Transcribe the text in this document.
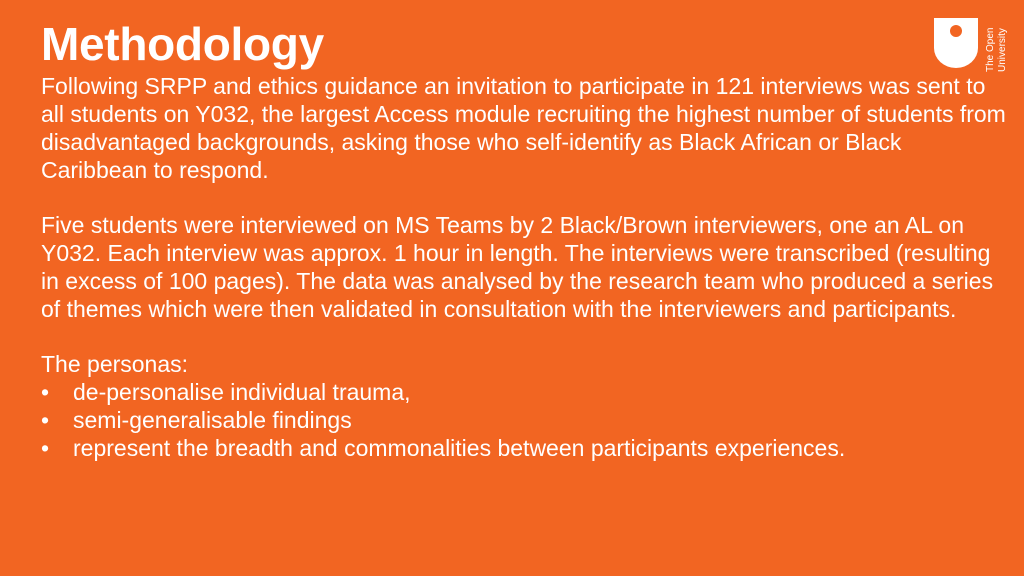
Methodology

Following SRPP and ethics guidance an invitation to participate in 121 interviews was sent to all students on Y032, the largest Access module recruiting the highest number of students from disadvantaged backgrounds, asking those who self-identify as Black African or Black Caribbean to respond.

Five students were interviewed on MS Teams by 2 Black/Brown interviewers, one an AL on Y032. Each interview was approx. 1 hour in length. The interviews were transcribed (resulting in excess of 100 pages). The data was analysed by the research team who produced a series of themes which were then validated in consultation with the interviewers and participants.

The personas:
• de-personalise individual trauma,
• semi-generalisable findings
• represent the breadth and commonalities between participants experiences.
The Open University
